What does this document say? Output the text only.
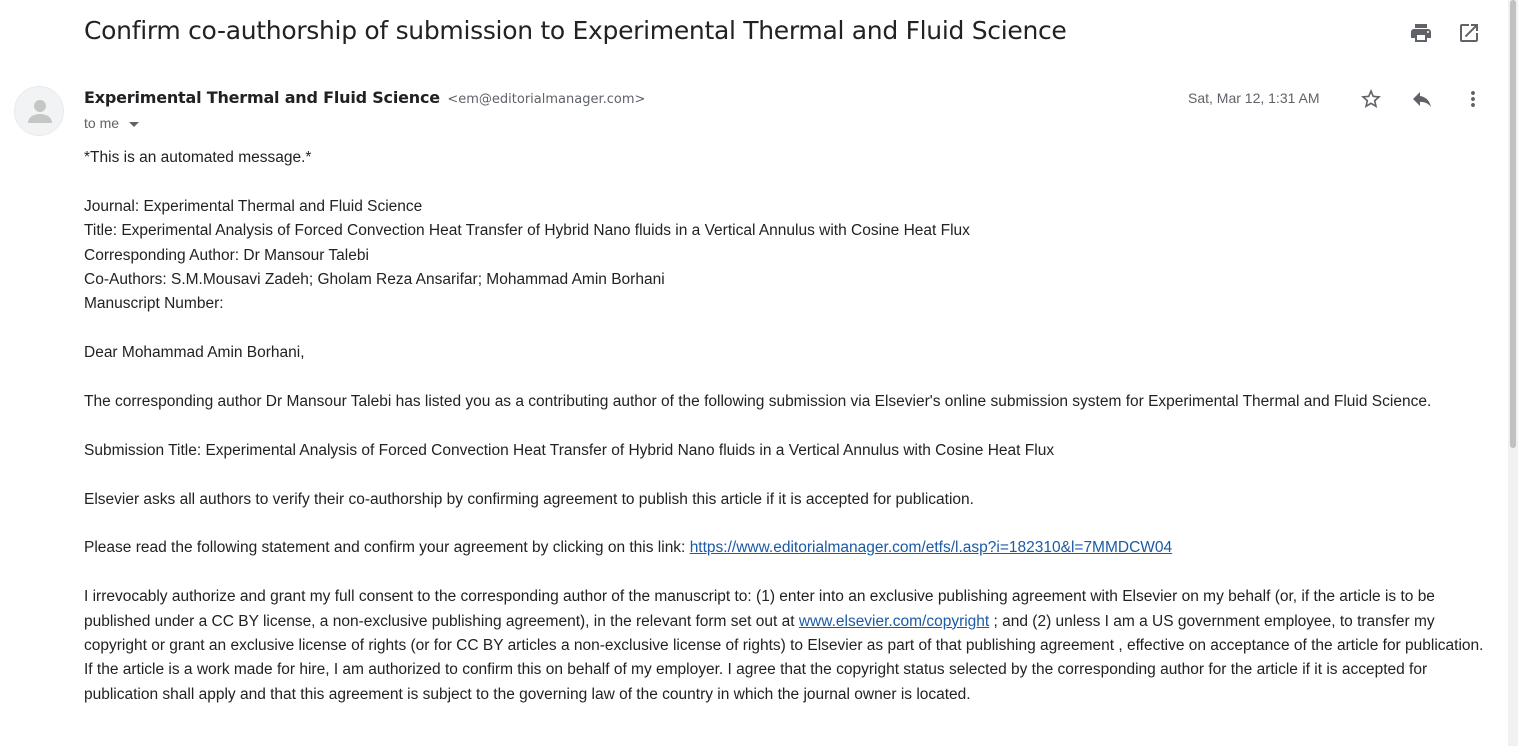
Confirm co-authorship of submission to Experimental Thermal and Fluid Science
Experimental Thermal and Fluid Science <em@editorialmanager.com>
to me
Sat, Mar 12, 1:31 AM

*This is an automated message.*

Journal: Experimental Thermal and Fluid Science

Title: Experimental Analysis of Forced Convection Heat Transfer of Hybrid Nano fluids in a Vertical Annulus with Cosine Heat Flux

Corresponding Author: Dr Mansour Talebi

Co-Authors: S.M.Mousavi Zadeh; Gholam Reza Ansarifar; Mohammad Amin Borhani

Manuscript Number:

Dear Mohammad Amin Borhani,

The corresponding author Dr Mansour Talebi has listed you as a contributing author of the following submission via Elsevier's online submission system for Experimental Thermal and Fluid Science.

Submission Title: Experimental Analysis of Forced Convection Heat Transfer of Hybrid Nano fluids in a Vertical Annulus with Cosine Heat Flux

Elsevier asks all authors to verify their co-authorship by confirming agreement to publish this article if it is accepted for publication.

Please read the following statement and confirm your agreement by clicking on this link: https://www.editorialmanager.com/etfs/l.asp?i=182310&l=7MMDCW04

I irrevocably authorize and grant my full consent to the corresponding author of the manuscript to: (1) enter into an exclusive publishing agreement with Elsevier on my behalf (or, if the article is to be published under a CC BY license, a non-exclusive publishing agreement), in the relevant form set out at www.elsevier.com/copyright ; and (2) unless I am a US government employee, to transfer my copyright or grant an exclusive license of rights (or for CC BY articles a non-exclusive license of rights) to Elsevier as part of that publishing agreement , effective on acceptance of the article for publication. If the article is a work made for hire, I am authorized to confirm this on behalf of my employer. I agree that the copyright status selected by the corresponding author for the article if it is accepted for publication shall apply and that this agreement is subject to the governing law of the country in which the journal owner is located.
